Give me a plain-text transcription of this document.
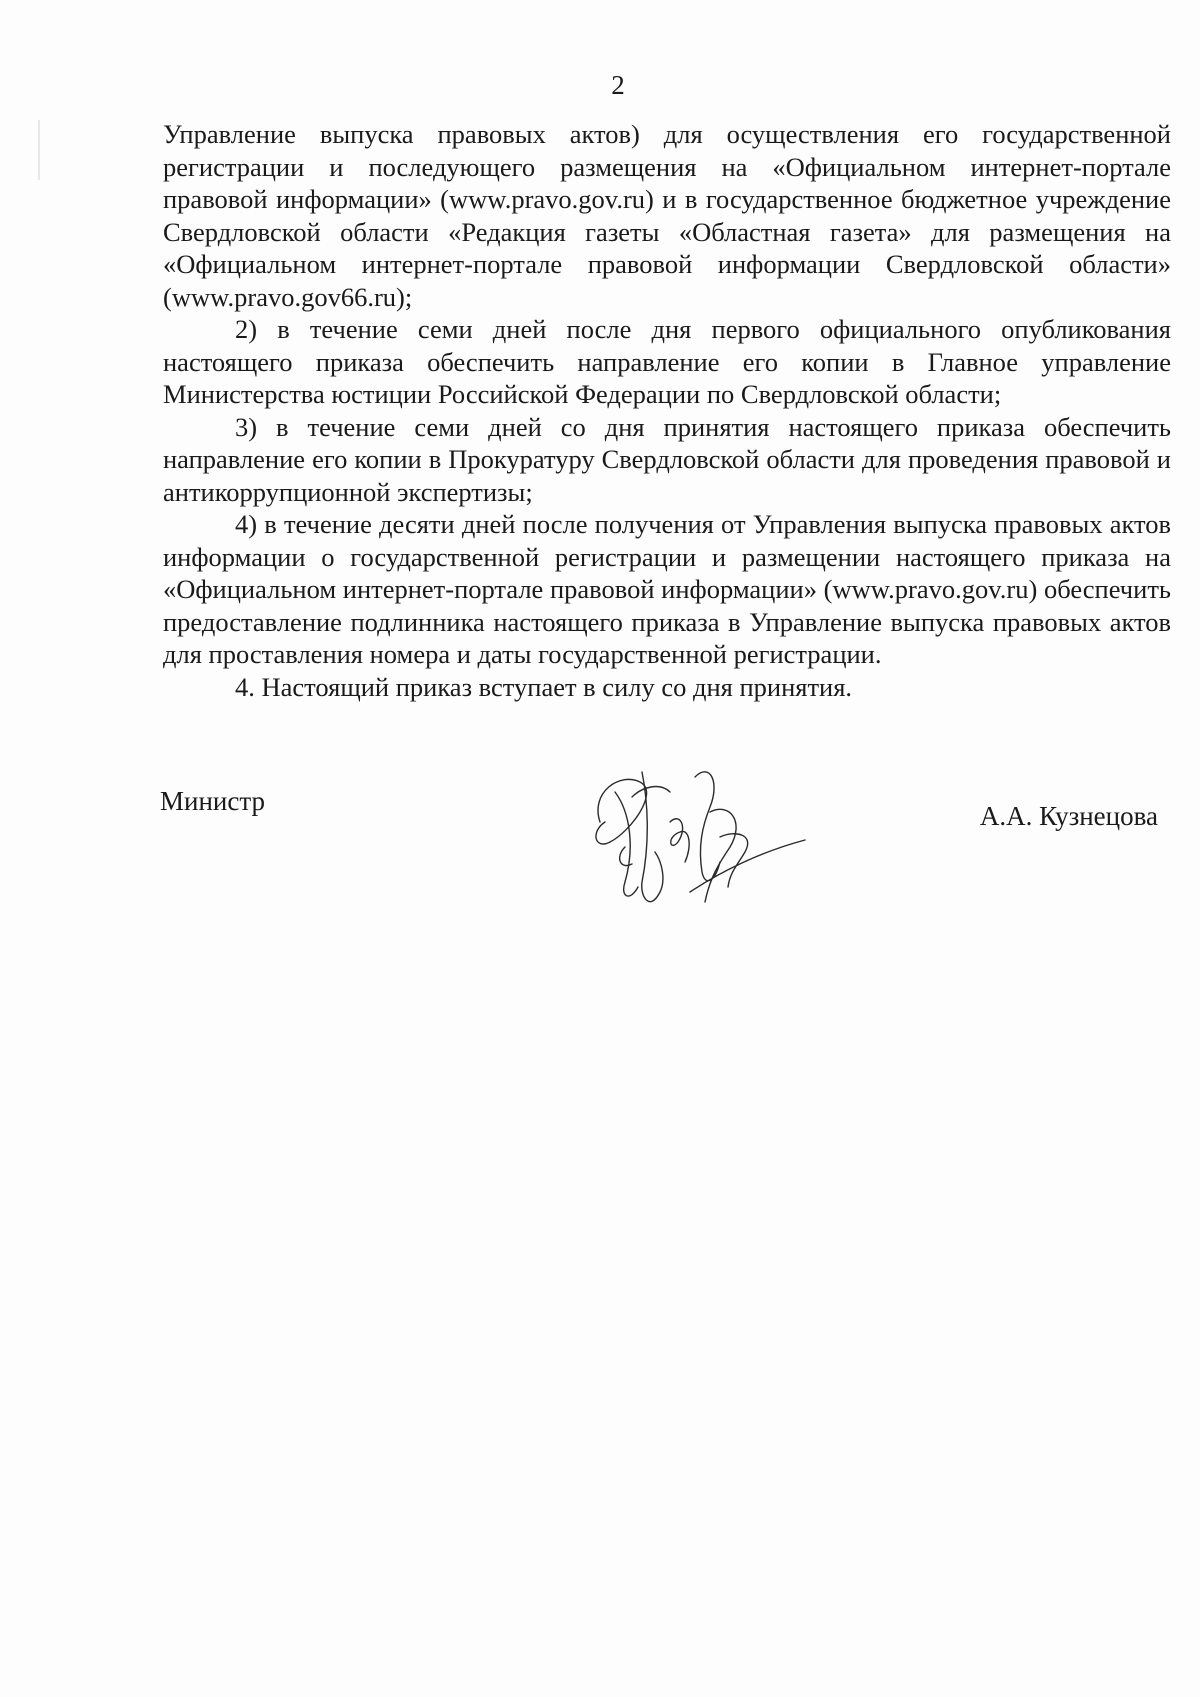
2

Управление выпуска правовых актов) для осуществления его государственной регистрации и последующего размещения на «Официальном интернет-портале правовой информации» (www.pravo.gov.ru) и в государственное бюджетное учреждение Свердловской области «Редакция газеты «Областная газета» для размещения на «Официальном интернет-портале правовой информации Свердловской области» (www.pravo.gov66.ru);

2) в течение семи дней после дня первого официального опубликования настоящего приказа обеспечить направление его копии в Главное управление Министерства юстиции Российской Федерации по Свердловской области;

3) в течение семи дней со дня принятия настоящего приказа обеспечить направление его копии в Прокуратуру Свердловской области для проведения правовой и антикоррупционной экспертизы;

4) в течение десяти дней после получения от Управления выпуска правовых актов информации о государственной регистрации и размещении настоящего приказа на «Официальном интернет-портале правовой информации» (www.pravo.gov.ru) обеспечить предоставление подлинника настоящего приказа в Управление выпуска правовых актов для проставления номера и даты государственной регистрации.

4. Настоящий приказ вступает в силу со дня принятия.

Министр	А.А. Кузнецова
